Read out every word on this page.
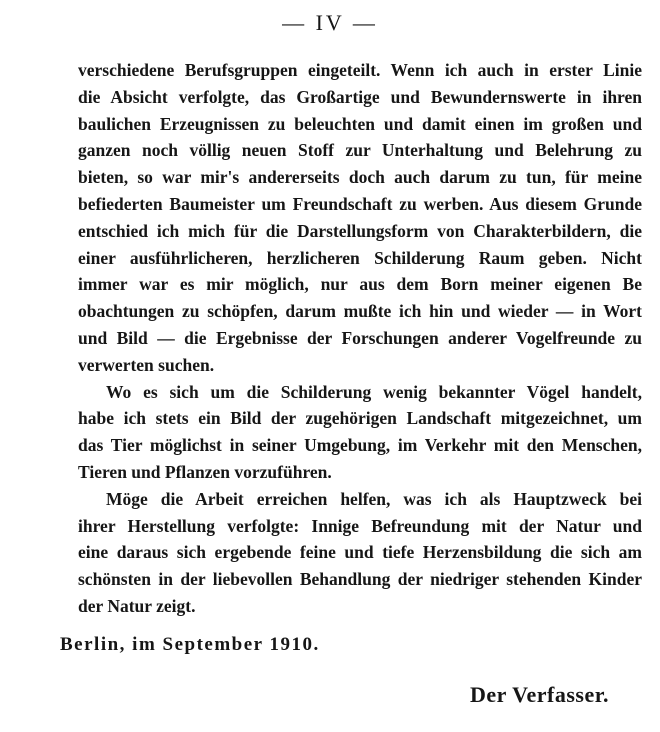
— IV —
verschiedene Berufsgruppen eingeteilt. Wenn ich auch in erster Linie
die Absicht verfolgte, das Großartige und Bewundernswerte in ihren
baulichen Erzeugnissen zu beleuchten und damit einen im großen und
ganzen noch völlig neuen Stoff zur Unterhaltung und Belehrung zu
bieten, so war mir's andererseits doch auch darum zu tun, für meine
befiederten Baumeister um Freundschaft zu werben. Aus diesem Grunde
entschied ich mich für die Darstellungsform von Charakterbildern, die
einer ausführlicheren, herzlicheren Schilderung Raum geben. Nicht
immer war es mir möglich, nur aus dem Born meiner eigenen Be
obachtungen zu schöpfen, darum mußte ich hin und wieder — in Wort
und Bild — die Ergebnisse der Forschungen anderer Vogelfreunde zu
verwerten suchen.
Wo es sich um die Schilderung wenig bekannter Vögel handelt,
habe ich stets ein Bild der zugehörigen Landschaft mitgezeichnet, um
das Tier möglichst in seiner Umgebung, im Verkehr mit den Menschen,
Tieren und Pflanzen vorzuführen.
Möge die Arbeit erreichen helfen, was ich als Hauptzweck bei
ihrer Herstellung verfolgte: Innige Befreundung mit der Natur und
eine daraus sich ergebende feine und tiefe Herzensbildung die sich am
schönsten in der liebevollen Behandlung der niedriger stehenden Kinder
der Natur zeigt.
Berlin, im September 1910.
Der Verfasser.
